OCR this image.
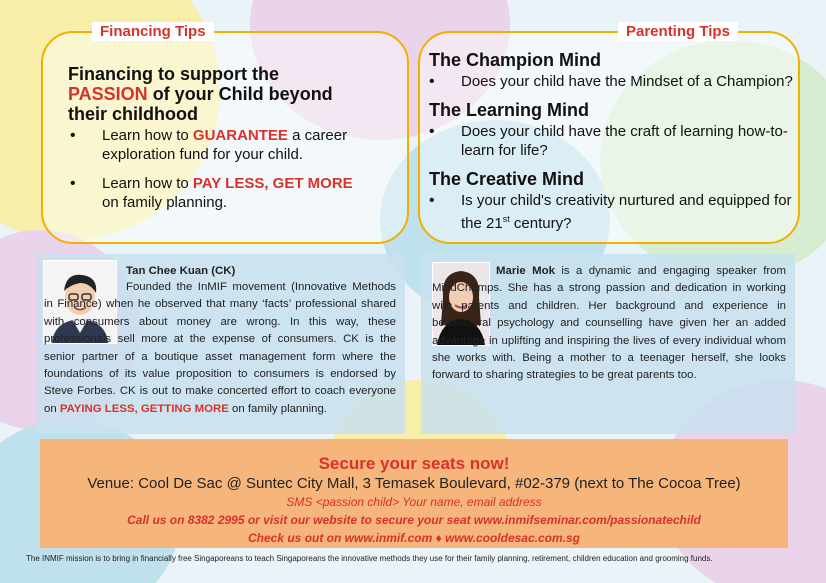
Financing Tips
Financing to support the
PASSION of your Child beyond their childhood
• Learn how to GUARANTEE a career exploration fund for your child.
• Learn how to PAY LESS, GET MORE on family planning.
Parenting Tips
The Champion Mind
• Does your child have the Mindset of a Champion?
The Learning Mind
• Does your child have the craft of learning how-to-learn for life?
The Creative Mind
• Is your child's creativity nurtured and equipped for the 21st century?
Tan Chee Kuan (CK)
Founded the InMIF movement (Innovative Methods in Finance) when he observed that many ‘facts’ professional shared with consumers about money are wrong. In this way, these professionals sell more at the expense of consumers. CK is the senior partner of a boutique asset management form where the foundations of its value proposition to consumers is endorsed by Steve Forbes. CK is out to make concerted effort to coach everyone on PAYING LESS, GETTING MORE on family planning.
Marie Mok is a dynamic and engaging speaker from MindChamps. She has a strong passion and dedication in working with parents and children. Her background and experience in behavioural psychology and counselling have given her an added advantage in uplifting and inspiring the lives of every individual whom she works with. Being a mother to a teenager herself, she looks forward to sharing strategies to be great parents too.
Secure your seats now!
Venue: Cool De Sac @ Suntec City Mall, 3 Temasek Boulevard, #02-379 (next to The Cocoa Tree)
SMS <passion child> Your name, email address
Call us on 8382 2995 or visit our website to secure your seat www.inmifseminar.com/passionatechild
Check us out on www.inmif.com ♦ www.cooldesac.com.sg
The INMIF mission is to bring in financially free Singaporeans to teach Singaporeans the innovative methods they use for their family planning, retirement, children education and grooming funds.
